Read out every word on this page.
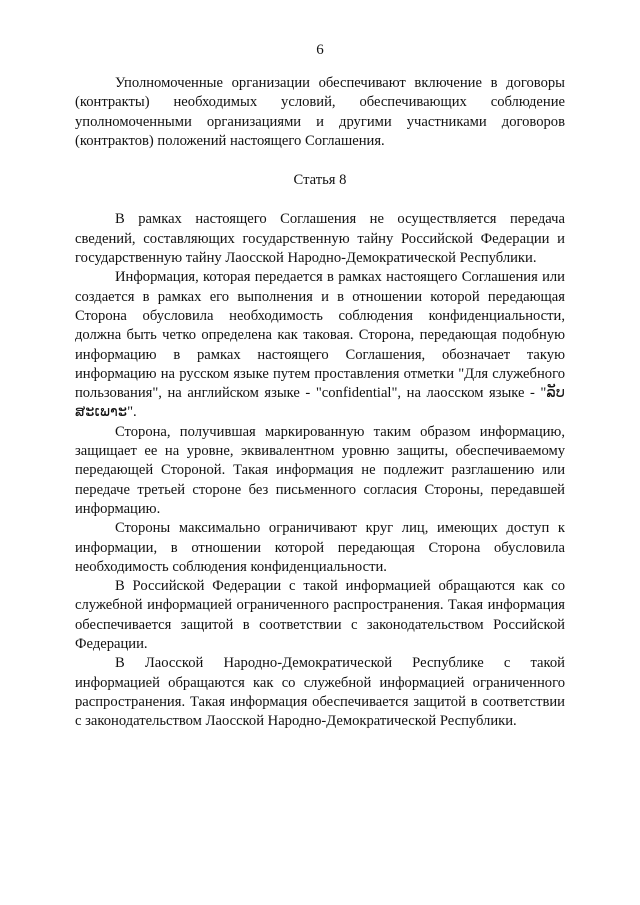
6

Уполномоченные организации обеспечивают включение в договоры (контракты) необходимых условий, обеспечивающих соблюдение уполномоченными организациями и другими участниками договоров (контрактов) положений настоящего Соглашения.

Статья 8

В рамках настоящего Соглашения не осуществляется передача сведений, составляющих государственную тайну Российской Федерации и государственную тайну Лаосской Народно-Демократической Республики.

Информация, которая передается в рамках настоящего Соглашения или создается в рамках его выполнения и в отношении которой передающая Сторона обусловила необходимость соблюдения конфиденциальности, должна быть четко определена как таковая. Сторона, передающая подобную информацию в рамках настоящего Соглашения, обозначает такую информацию на русском языке путем проставления отметки "Для служебного пользования", на английском языке - "confidential", на лаосском языке - "ລັບສະເພາະ".

Сторона, получившая маркированную таким образом информацию, защищает ее на уровне, эквивалентном уровню защиты, обеспечиваемому передающей Стороной. Такая информация не подлежит разглашению или передаче третьей стороне без письменного согласия Стороны, передавшей информацию.

Стороны максимально ограничивают круг лиц, имеющих доступ к информации, в отношении которой передающая Сторона обусловила необходимость соблюдения конфиденциальности.

В Российской Федерации с такой информацией обращаются как со служебной информацией ограниченного распространения. Такая информация обеспечивается защитой в соответствии с законодательством Российской Федерации.

В Лаосской Народно-Демократической Республике с такой информацией обращаются как со служебной информацией ограниченного распространения. Такая информация обеспечивается защитой в соответствии с законодательством Лаосской Народно-Демократической Республики.
